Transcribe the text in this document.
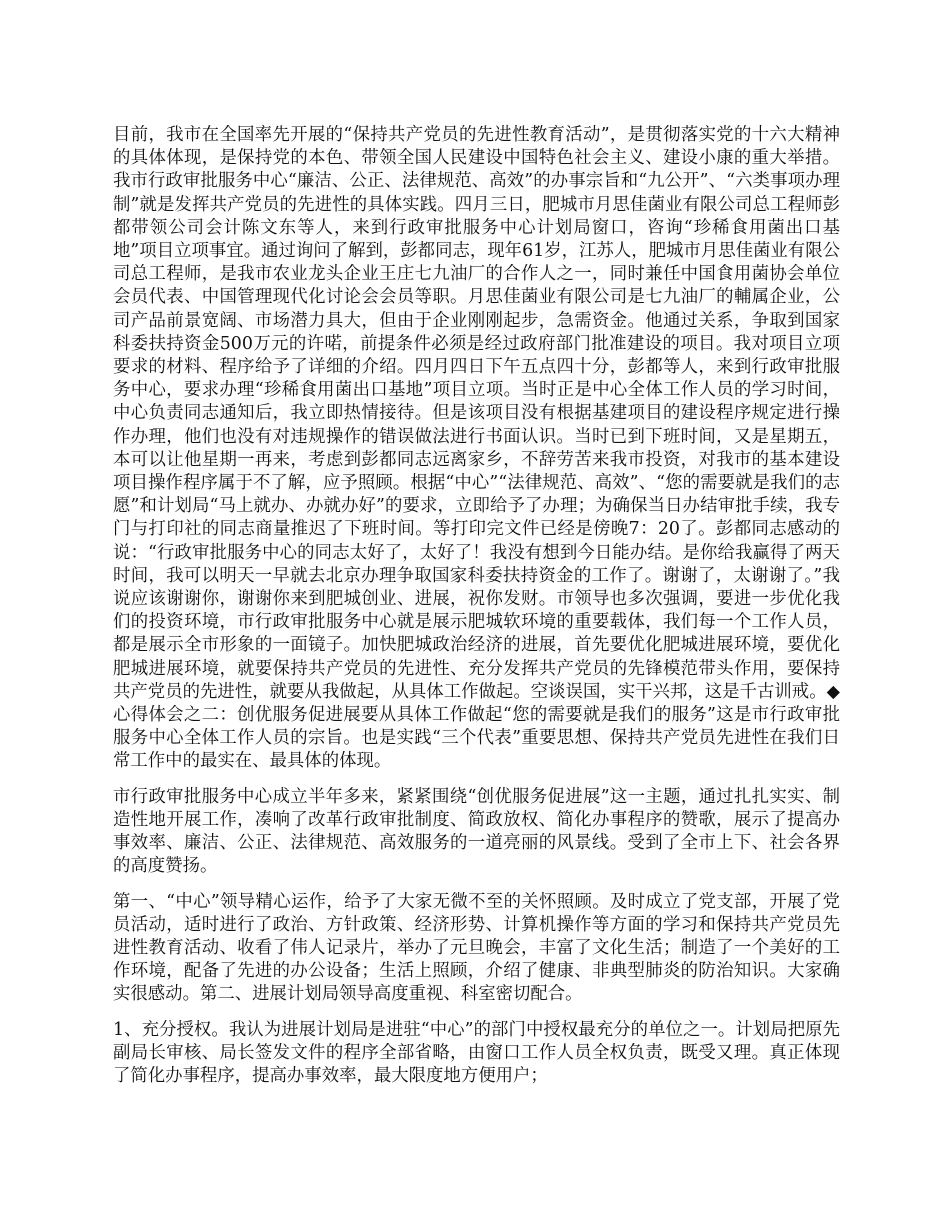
目前，我市在全国率先开展的“保持共产党员的先进性教育活动”，是贯彻落实党的十六大精神的具体体现，是保持党的本色、带领全国人民建设中国特色社会主义、建设小康的重大举措。我市行政审批服务中心“廉洁、公正、法律规范、高效”的办事宗旨和“九公开”、“六类事项办理制”就是发挥共产党员的先进性的具体实践。四月三日，肥城市月思佳菌业有限公司总工程师彭都带领公司会计陈文东等人，来到行政审批服务中心计划局窗口，咨询“珍稀食用菌出口基地”项目立项事宜。通过询问了解到，彭都同志，现年61岁，江苏人，肥城市月思佳菌业有限公司总工程师，是我市农业龙头企业王庄七九油厂的合作人之一，同时兼任中国食用菌协会单位会员代表、中国管理现代化讨论会会员等职。月思佳菌业有限公司是七九油厂的輔属企业，公司产品前景宽阔、市场潜力具大，但由于企业刚刚起步，急需资金。他通过关系，争取到国家科委扶持资金500万元的许喏，前提条件必须是经过政府部门批准建设的项目。我对项目立项要求的材料、程序给予了详细的介绍。四月四日下午五点四十分，彭都等人，来到行政审批服务中心，要求办理“珍稀食用菌出口基地”项目立项。当时正是中心全体工作人员的学习时间，中心负责同志通知后，我立即热情接待。但是该项目没有根据基建项目的建设程序规定进行操作办理，他们也没有对违规操作的错误做法进行书面认识。当时已到下班时间，又是星期五，本可以让他星期一再来，考虑到彭都同志远离家乡，不辞劳苦来我市投资，对我市的基本建设项目操作程序属于不了解，应予照顾。根据“中心”“法律规范、高效”、“您的需要就是我们的志愿”和计划局“马上就办、办就办好”的要求，立即给予了办理；为确保当日办结审批手续，我专门与打印社的同志商量推迟了下班时间。等打印完文件已经是傍晚7：20了。彭都同志感动的说：“行政审批服务中心的同志太好了，太好了！我没有想到今日能办结。是你给我赢得了两天时间，我可以明天一早就去北京办理争取国家科委扶持资金的工作了。谢谢了，太谢谢了。”我说应该谢谢你，谢谢你来到肥城创业、进展，祝你发财。市领导也多次强调，要进一步优化我们的投资环境，市行政审批服务中心就是展示肥城软环境的重要载体，我们每一个工作人员，都是展示全市形象的一面镜子。加快肥城政治经济的进展，首先要优化肥城进展环境，要优化肥城进展环境，就要保持共产党员的先进性、充分发挥共产党员的先锋模范带头作用，要保持共产党员的先进性，就要从我做起，从具体工作做起。空谈误国，实干兴邦，这是千古训戒。◆心得体会之二：创优服务促进展要从具体工作做起“您的需要就是我们的服务”这是市行政审批服务中心全体工作人员的宗旨。也是实践“三个代表”重要思想、保持共产党员先进性在我们日常工作中的最实在、最具体的体现。

市行政审批服务中心成立半年多来，紧紧围绕“创优服务促进展”这一主题，通过扎扎实实、制造性地开展工作，凑响了改革行政审批制度、简政放权、简化办事程序的赞歌，展示了提高办事效率、廉洁、公正、法律规范、高效服务的一道亮丽的风景线。受到了全市上下、社会各界的高度赞扬。

第一、“中心”领导精心运作，给予了大家无微不至的关怀照顾。及时成立了党支部，开展了党员活动，适时进行了政治、方针政策、经济形势、计算机操作等方面的学习和保持共产党员先进性教育活动、收看了伟人记录片，举办了元旦晚会，丰富了文化生活；制造了一个美好的工作环境，配备了先进的办公设备；生活上照顾，介绍了健康、非典型肺炎的防治知识。大家确实很感动。第二、进展计划局领导高度重视、科室密切配合。

1、充分授权。我认为进展计划局是进驻“中心”的部门中授权最充分的单位之一。计划局把原先副局长审核、局长签发文件的程序全部省略，由窗口工作人员全权负责，既受又理。真正体现了简化办事程序，提高办事效率，最大限度地方便用户；
